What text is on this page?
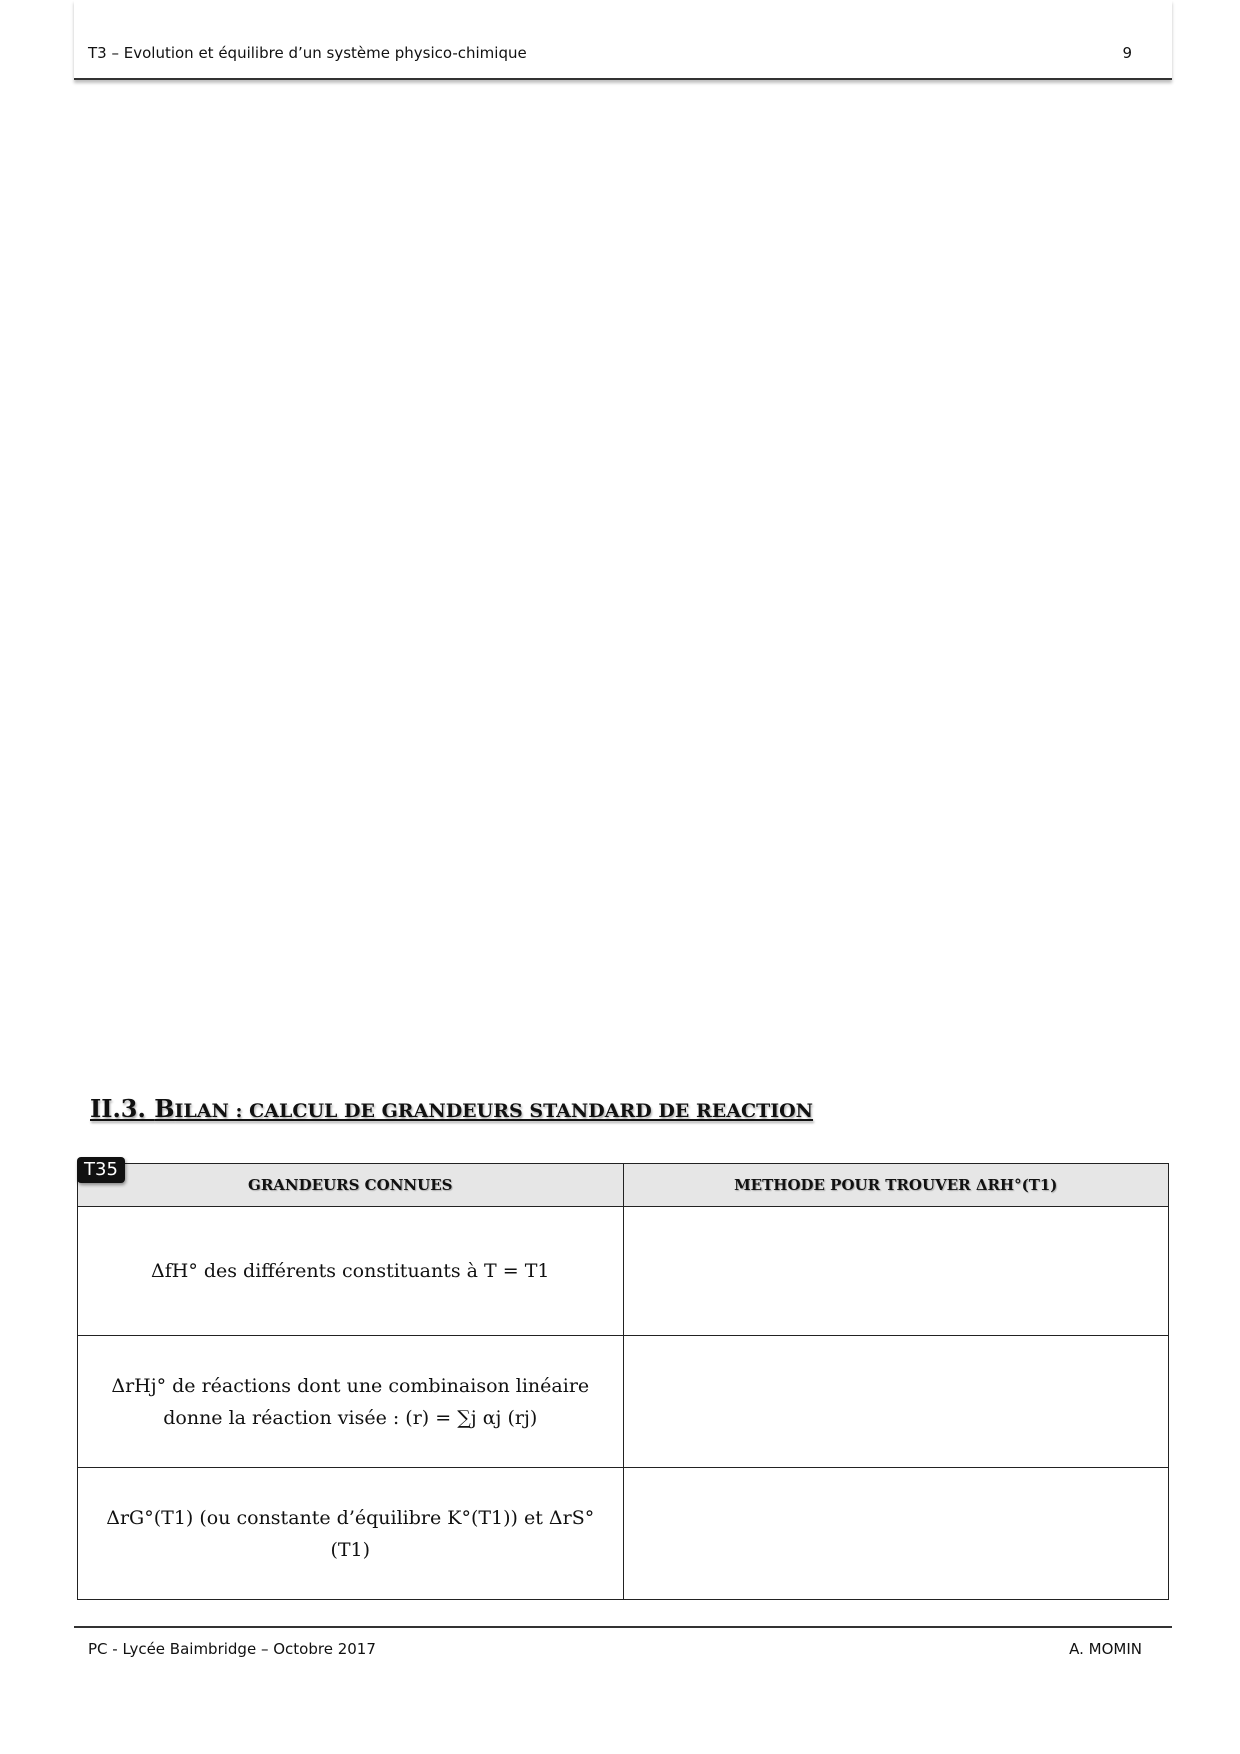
T3 – Evolution et équilibre d’un système physico-chimique	9
II.3. BILAN : CALCUL DE GRANDEURS STANDARD DE REACTION
GRANDEURS CONNUES	METHODE POUR TROUVER ΔRH°(T1)
ΔfH° des différents constituants à T = T1	
ΔrHj° de réactions dont une combinaison linéaire donne la réaction visée : (r) = ∑j αj (rj)	
ΔrG°(T1) (ou constante d’équilibre K°(T1)) et ΔrS°(T1)	
T35
PC - Lycée Baimbridge – Octobre 2017	A. MOMIN
